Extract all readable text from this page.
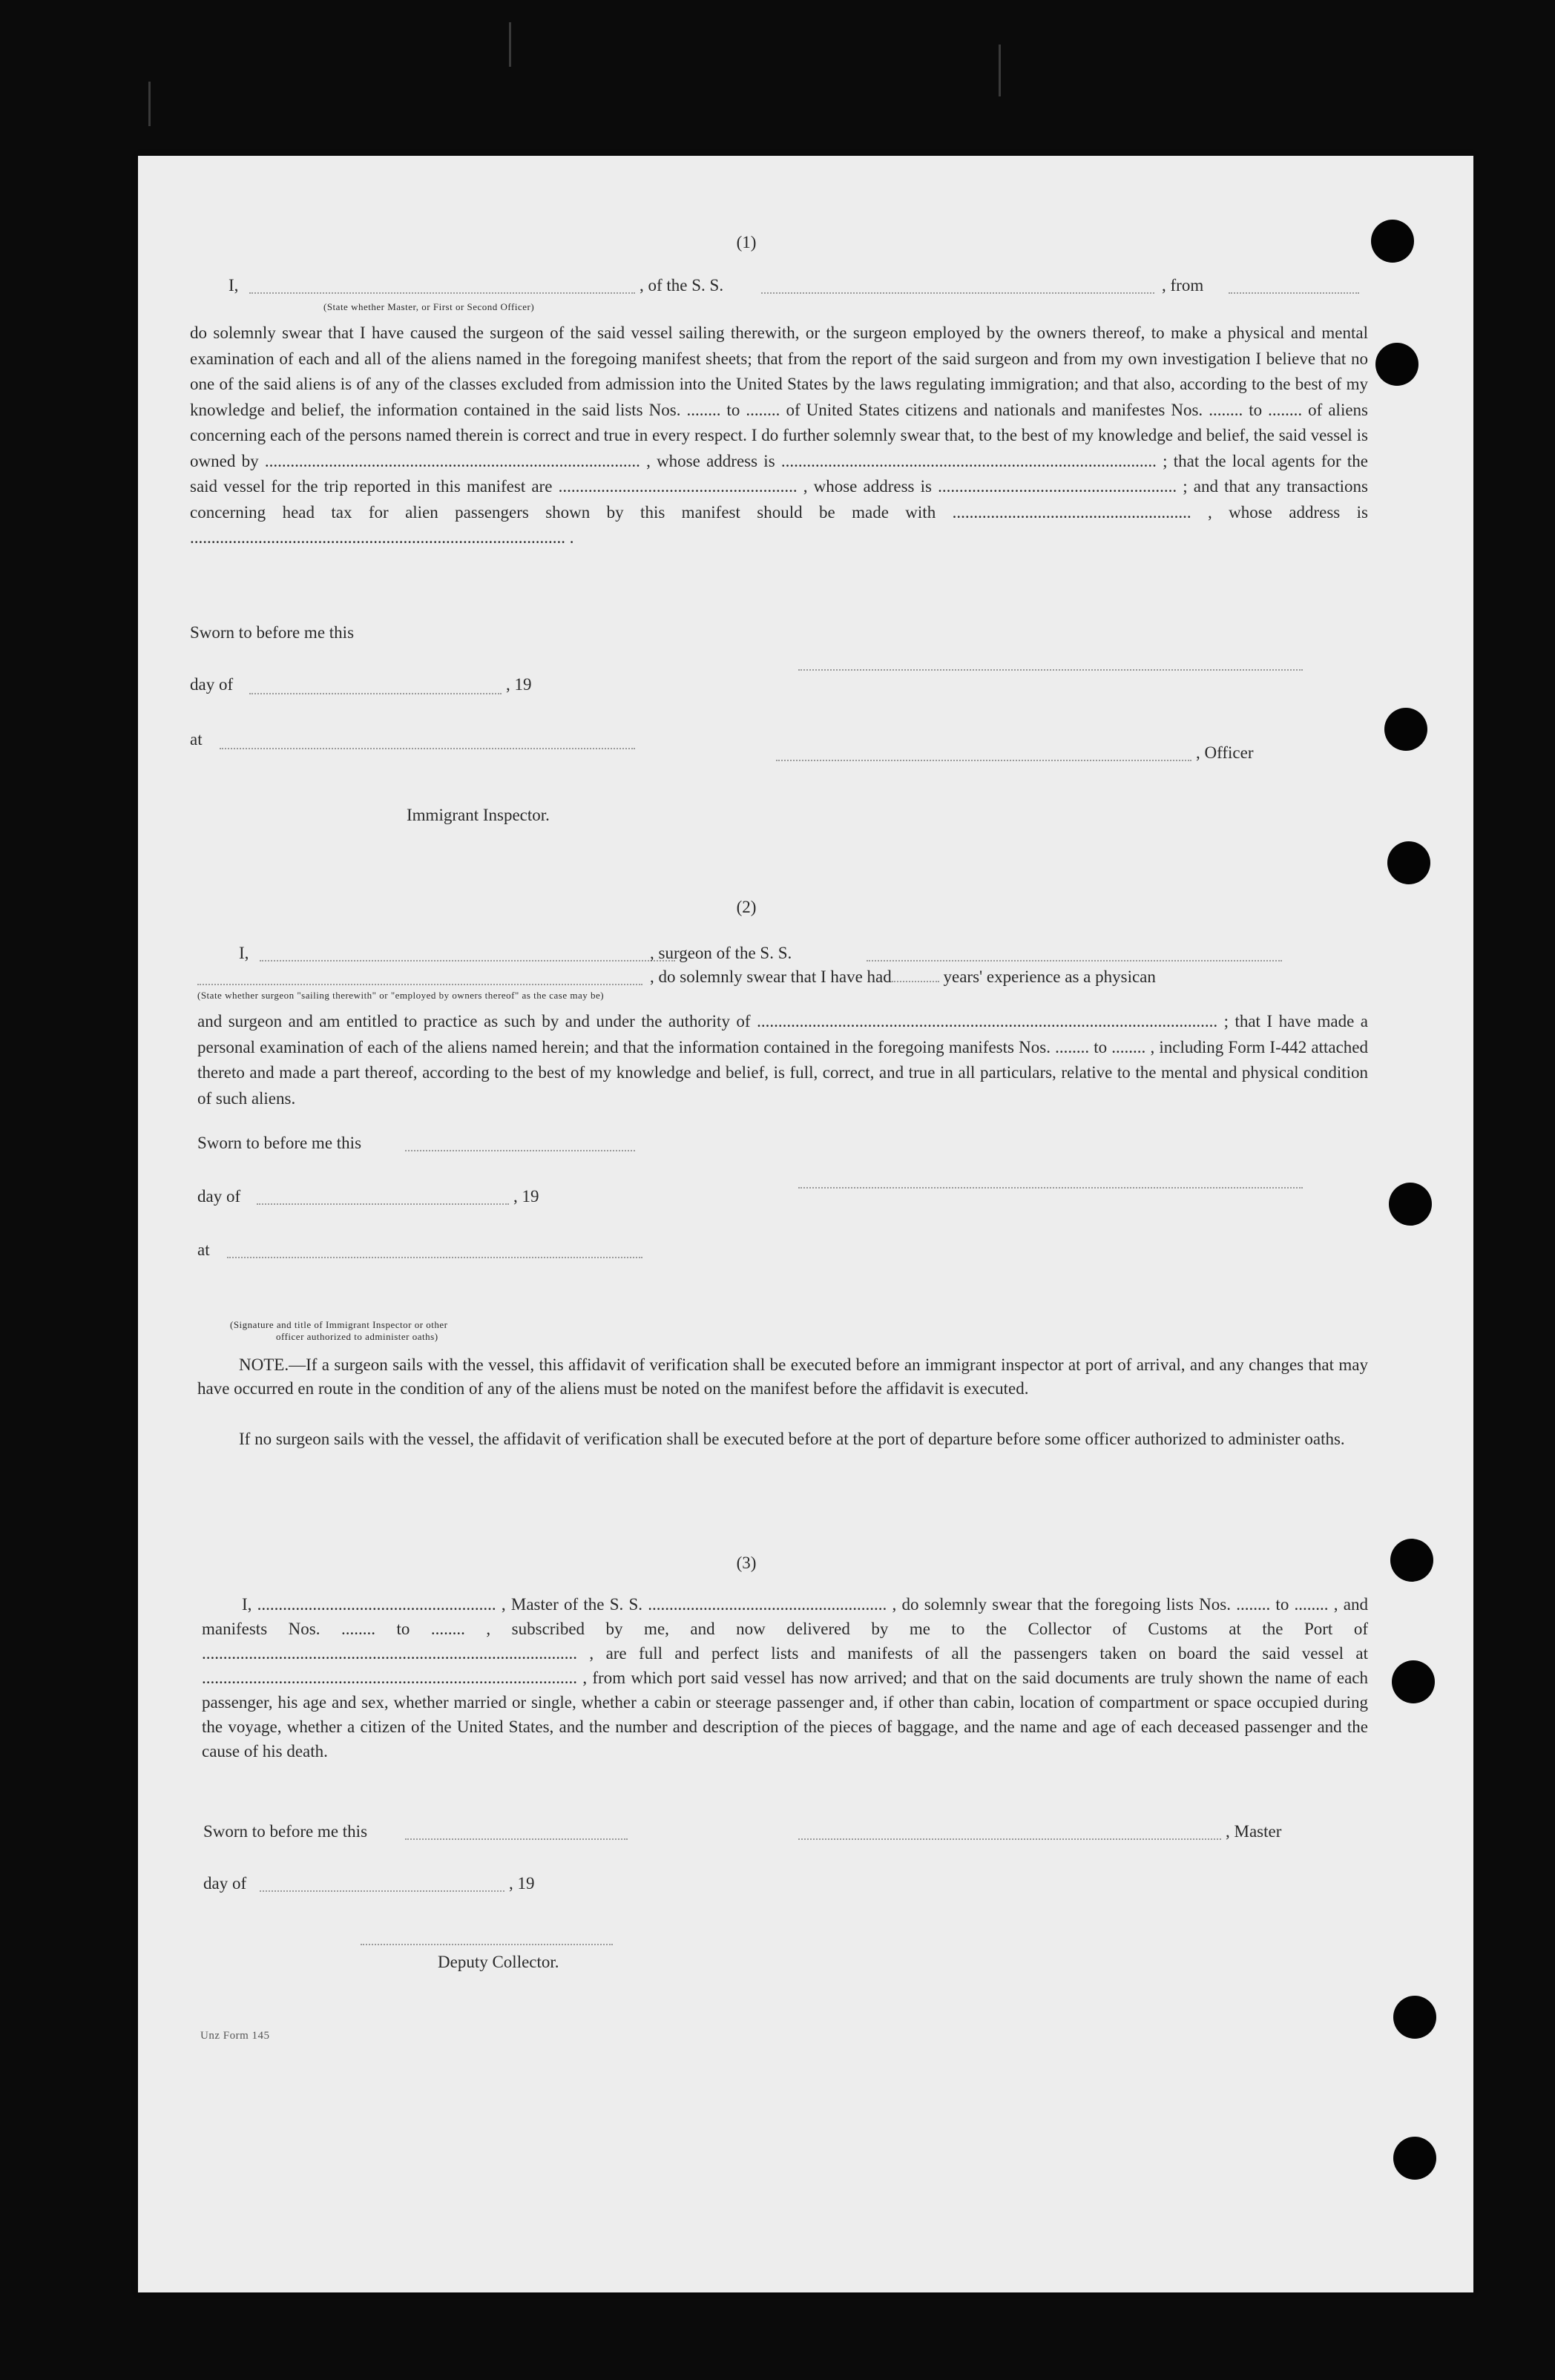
(1)
I,	, of the S. S.	, from
(State whether Master, or First or Second Officer)
do solemnly swear that I have caused the surgeon of the said vessel sailing therewith, or the surgeon employed by the owners thereof, to make a physical and mental examination of each and all of the aliens named in the foregoing manifest sheets; that from the report of the said surgeon and from my own investigation I believe that no one of the said aliens is of any of the classes excluded from admission into the United States by the laws regulating immigration; and that also, according to the best of my knowledge and belief, the information contained in the said lists Nos. ........ to ........ of United States citizens and nationals and manifestes Nos. ........ to ........ of aliens concerning each of the persons named therein is correct and true in every respect. I do further solemnly swear that, to the best of my knowledge and belief, the said vessel is owned by ........................................................................................ , whose address is ........................................................................................ ; that the local agents for the said vessel for the trip reported in this manifest are ........................................................ , whose address is ........................................................ ; and that any transactions concerning head tax for alien passengers shown by this manifest should be made with ........................................................ , whose address is ........................................................................................ .
Sworn to before me this
day of	, 19
at
, Officer
Immigrant Inspector.
(2)
I,	, surgeon of the S. S.
, do solemnly swear that I have had	years' experience as a physican
(State whether surgeon "sailing therewith" or "employed by owners thereof" as the case may be)
and surgeon and am entitled to practice as such by and under the authority of ............................................................................................................ ; that I have made a personal examination of each of the aliens named herein; and that the information contained in the foregoing manifests Nos. ........ to ........ , including Form I-442 attached thereto and made a part thereof, according to the best of my knowledge and belief, is full, correct, and true in all particulars, relative to the mental and physical condition of such aliens.
Sworn to before me this
day of	, 19
at
(Signature and title of Immigrant Inspector or other
officer authorized to administer oaths)
NOTE.—If a surgeon sails with the vessel, this affidavit of verification shall be executed before an immigrant inspector at port of arrival, and any changes that may have occurred en route in the condition of any of the aliens must be noted on the manifest before the affidavit is executed.
If no surgeon sails with the vessel, the affidavit of verification shall be executed before at the port of departure before some officer authorized to administer oaths.
(3)
I, ........................................................ , Master of the S. S. ........................................................ , do solemnly swear that the foregoing lists Nos. ........ to ........ , and manifests Nos. ........ to ........ , subscribed by me, and now delivered by me to the Collector of Customs at the Port of ........................................................................................ , are full and perfect lists and manifests of all the passengers taken on board the said vessel at ........................................................................................ , from which port said vessel has now arrived; and that on the said documents are truly shown the name of each passenger, his age and sex, whether married or single, whether a cabin or steerage passenger and, if other than cabin, location of compartment or space occupied during the voyage, whether a citizen of the United States, and the number and description of the pieces of baggage, and the name and age of each deceased passenger and the cause of his death.
Sworn to before me this	, Master
day of	, 19
Deputy Collector.
Unz Form 145
